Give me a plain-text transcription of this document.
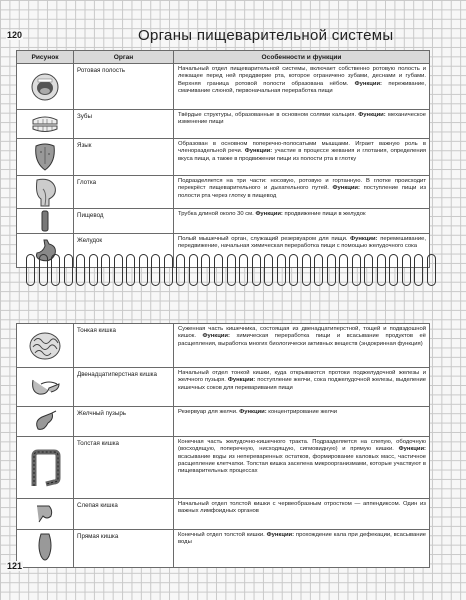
120	Органы пищеварительной системы
Рисунок	Орган	Особенности и функции

	Ротовая полость	Начальный отдел пищеварительной системы, включает собственно ротовую полость и лежащее перед ней преддверие рта, которое ограничено зубами, деснами и губами. Верхняя граница ротовой полости образована нёбом. Функции: переживание, смачивание слюной, первоначальная переработка пищи

	Зубы	Твёрдые структуры, образованные в основном солями кальция. Функции: механическое изменение пищи

	Язык	Образован в основном поперечно-полосатыми мышцами. Играет важную роль в членораздельной речи. Функции: участие в процессе жевания и глотания, определения вкуса пищи, а также в продвижении пищи из полости рта в глотку

	Глотка	Подразделяется на три части: носовую, ротовую и гортанную. В глотке происходит перекрёст пищеварительного и дыхательного путей. Функции: поступление пищи из полости рта через глотку в пищевод

	Пищевод	Трубка длиной около 30 см. Функции: продвижение пищи в желудок

	Желудок	Полый мышечный орган, служащий резервуаром для пищи. Функции: перемешивание, передвижение, начальная химическая переработка пищи с помощью желудочного сока
	Тонкая кишка	Суженная часть кишечника, состоящая из двенадцатиперстной, тощей и подвздошной кишок. Функции: химическая переработка пищи и всасывание продуктов её расщепления, выработка многих биологически активных веществ (эндокринная функция)

	Двенадцатиперстная кишка	Начальный отдел тонкой кишки, куда открываются протоки поджелудочной железы и желчного пузыря. Функции: поступление желчи, сока поджелудочной железы, выделение кишечных соков для переваривания пищи

	Желчный пузырь	Резервуар для желчи. Функции: концентрирование желчи

	Толстая кишка	Конечная часть желудочно-кишечного тракта. Подразделяется на слепую, ободочную (восходящую, поперечную, нисходящую, сигмовидную) и прямую кишки. Функции: всасывание воды из непереваренных остатков, формирование каловых масс, частичное расщепление клетчатки. Толстая кишка заселена микроорганизмами, которые участвуют в пищеварительных процессах

	Слепая кишка	Начальный отдел толстой кишки с червеобразным отростком — аппендиксом. Один из важных лимфоидных органов

	Прямая кишка	Конечный отдел толстой кишки. Функции: прохождение кала при дефекации, всасывание воды
121
